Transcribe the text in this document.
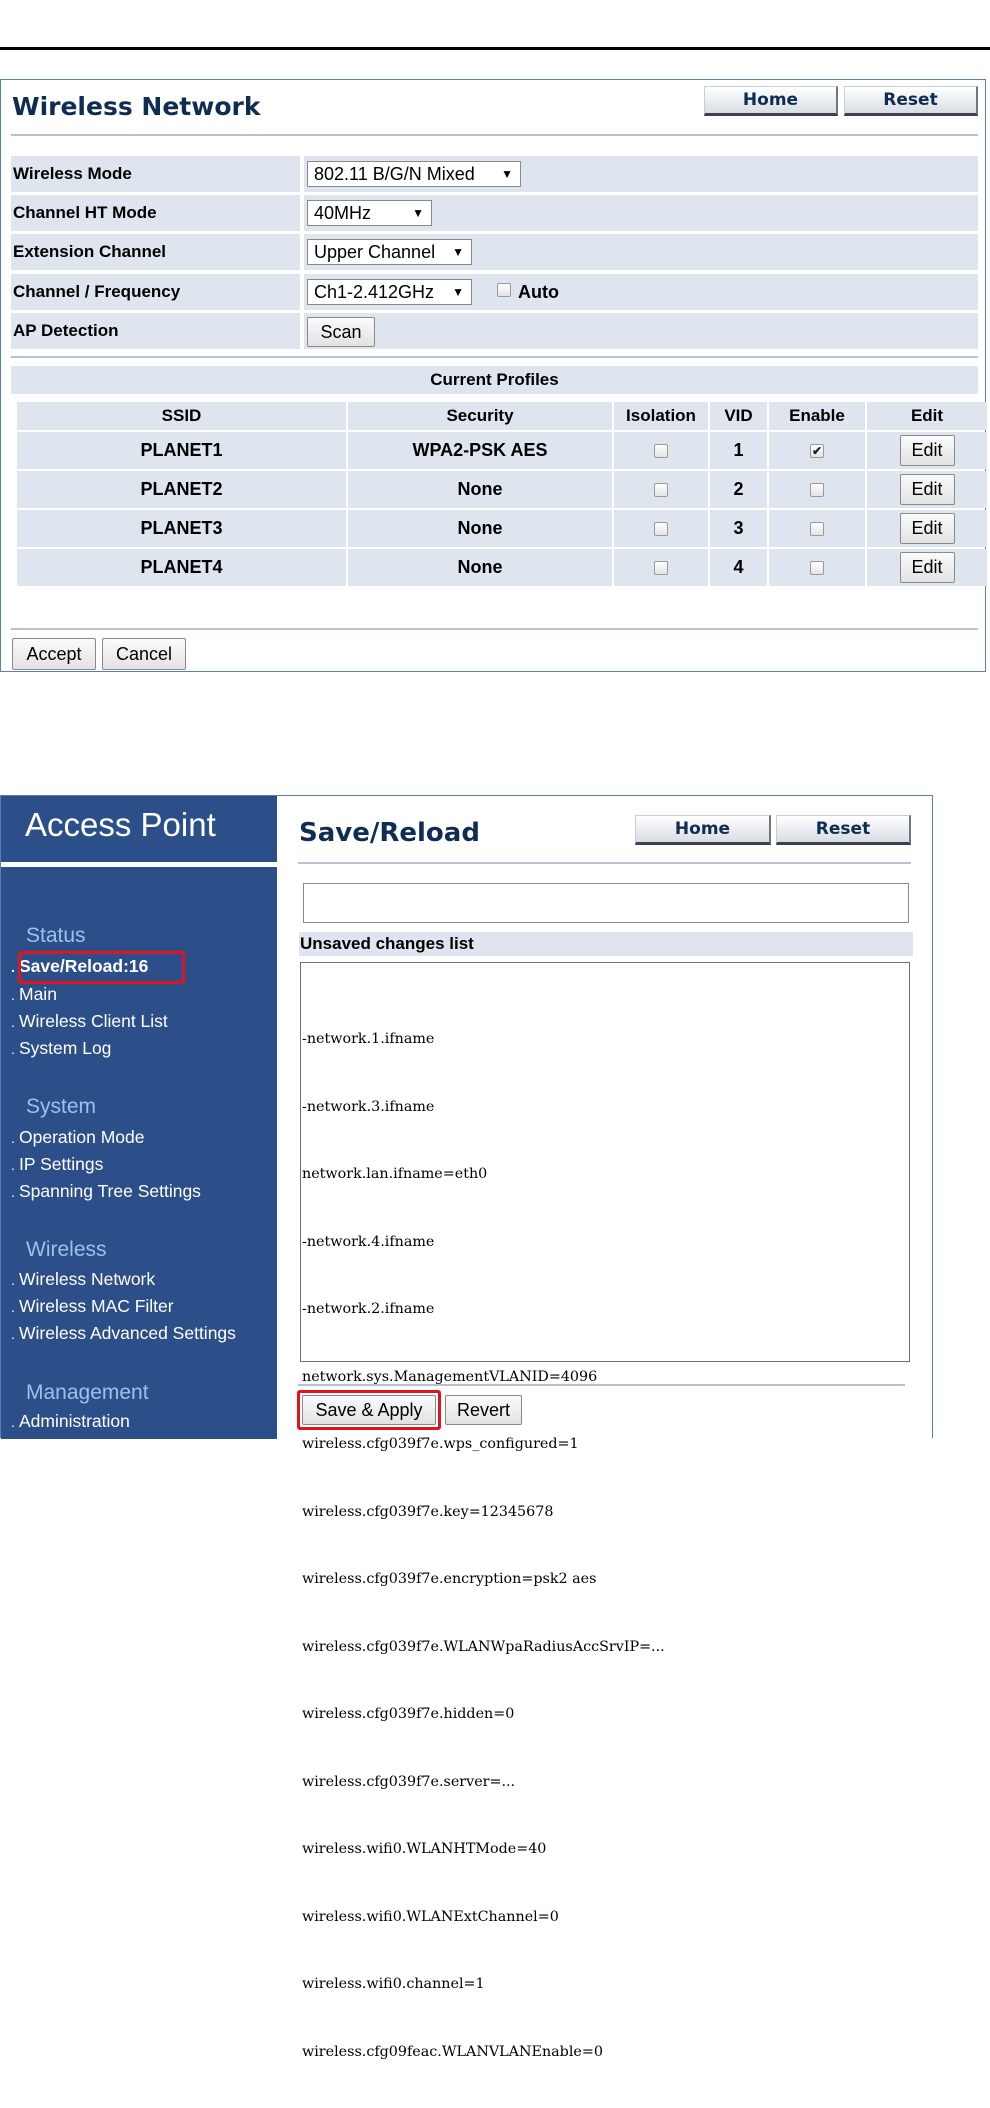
Wireless Network	Home	Reset
Wireless Mode	802.11 B/G/N Mixed ▼
Channel HT Mode	40MHz	▼
Extension Channel	Upper Channel ▼
Channel / Frequency	Ch1-2.412GHz ▼	Auto
AP Detection	Scan
Current Profiles
SSID	Security	Isolation	VID	Enable	Edit
PLANET1	WPA2-PSK AES		1	✔	Edit
PLANET2	None		2		Edit
PLANET3	None		3		Edit
PLANET4	None		4		Edit
Accept	Cancel
Access Point
Status
. Save/Reload:16
. Main
. Wireless Client List
. System Log
System
. Operation Mode
. IP Settings
. Spanning Tree Settings
Wireless
. Wireless Network
. Wireless MAC Filter
. Wireless Advanced Settings
Management
. Administration
Save/Reload	Home	Reset
Unsaved changes list

-network.1.ifname

-network.3.ifname

network.lan.ifname=eth0

-network.4.ifname

-network.2.ifname

network.sys.ManagementVLANID=4096

wireless.cfg039f7e.wps_configured=1

wireless.cfg039f7e.key=12345678

wireless.cfg039f7e.encryption=psk2 aes

wireless.cfg039f7e.WLANWpaRadiusAccSrvIP=...

wireless.cfg039f7e.hidden=0

wireless.cfg039f7e.server=...

wireless.wifi0.WLANHTMode=40

wireless.wifi0.WLANExtChannel=0

wireless.wifi0.channel=1

wireless.cfg09feac.WLANVLANEnable=0

Save & Apply	Revert
